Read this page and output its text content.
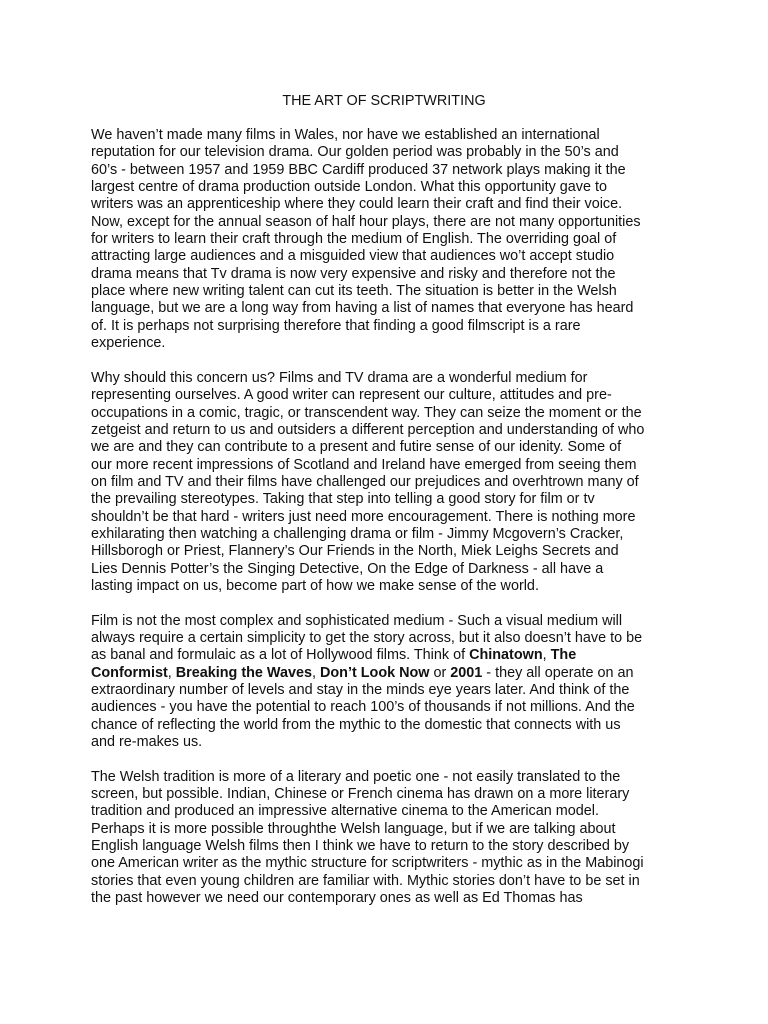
THE ART OF SCRIPTWRITING

We haven’t made many films in Wales, nor have we established an international
reputation for our television drama. Our golden period was probably in the 50’s and
60’s - between 1957 and 1959 BBC Cardiff produced 37 network plays making it the
largest centre of drama production outside London. What this opportunity gave to
writers was an apprenticeship where they could learn their craft and find their voice.
Now, except for the annual season of half hour plays, there are not many opportunities
for writers to learn their craft through the medium of English. The overriding goal of
attracting large audiences and a misguided view that audiences wo’t accept studio
drama means that Tv drama is now very expensive and risky and therefore not the
place where new writing talent can cut its teeth. The situation is better in the Welsh
language, but we are a long way from having a list of names that everyone has heard
of. It is perhaps not surprising therefore that finding a good filmscript is a rare
experience.

Why should this concern us? Films and TV drama are a wonderful medium for
representing ourselves. A good writer can represent our culture, attitudes and pre-
occupations in a comic, tragic, or transcendent way. They can seize the moment or the
zetgeist and return to us and outsiders a different perception and understanding of who
we are and they can contribute to a present and futire sense of our idenity. Some of
our more recent impressions of Scotland and Ireland have emerged from seeing them
on film and TV and their films have challenged our prejudices and overhtrown many of
the prevailing stereotypes. Taking that step into telling a good story for film or tv
shouldn’t be that hard - writers just need more encouragement. There is nothing more
exhilarating then watching a challenging drama or film - Jimmy Mcgovern’s Cracker,
Hillsborogh or Priest, Flannery’s Our Friends in the North, Miek Leighs Secrets and
Lies Dennis Potter’s the Singing Detective, On the Edge of Darkness - all have a
lasting impact on us, become part of how we make sense of the world.

Film is not the most complex and sophisticated medium - Such a visual medium will
always require a certain simplicity to get the story across, but it also doesn’t have to be
as banal and formulaic as a lot of Hollywood films. Think of Chinatown, The
Conformist, Breaking the Waves, Don’t Look Now or 2001 - they all operate on an
extraordinary number of levels and stay in the minds eye years later. And think of the
audiences - you have the potential to reach 100’s of thousands if not millions. And the
chance of reflecting the world from the mythic to the domestic that connects with us
and re-makes us.

The Welsh tradition is more of a literary and poetic one - not easily translated to the
screen, but possible. Indian, Chinese or French cinema has drawn on a more literary
tradition and produced an impressive alternative cinema to the American model.
Perhaps it is more possible throughthe Welsh language, but if we are talking about
English language Welsh films then I think we have to return to the story described by
one American writer as the mythic structure for scriptwriters - mythic as in the Mabinogi
stories that even young children are familiar with. Mythic stories don’t have to be set in
the past however we need our contemporary ones as well as Ed Thomas has
